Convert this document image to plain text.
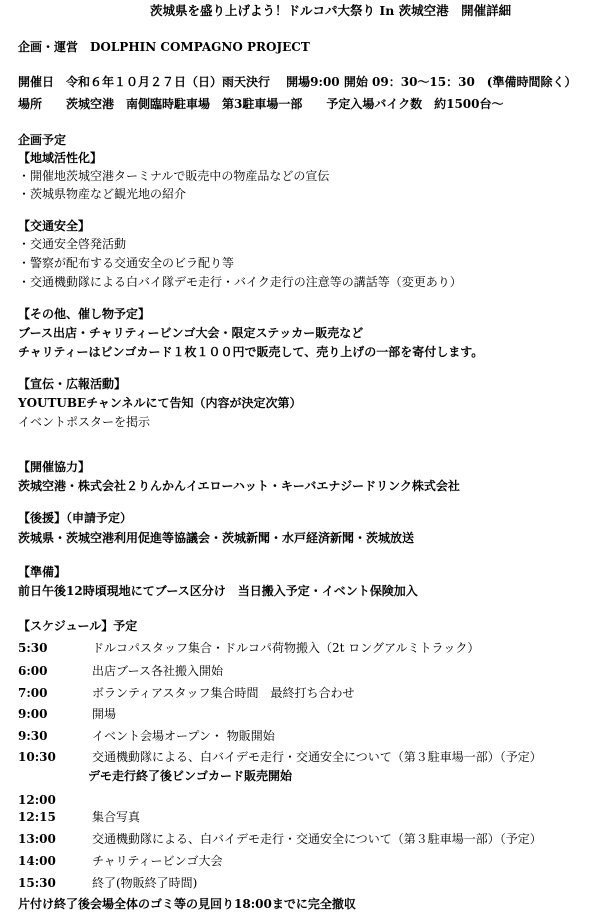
茨城県を盛り上げよう！ドルコパ大祭り In 茨城空港　開催詳細
企画・運営　DOLPHIN COMPAGNO PROJECT
開催日　令和６年１０月２７日（日）雨天決行　 開場9:00 開始 09：30〜15：30　(準備時間除く）
場所　　茨城空港　南側臨時駐車場　第3駐車場一部　　予定入場バイク数　約1500台〜
企画予定
【地域活性化】
・開催地茨城空港ターミナルで販売中の物産品などの宣伝
・茨城県物産など観光地の紹介
【交通安全】
・交通安全啓発活動
・警察が配布する交通安全のビラ配り等
・交通機動隊による白バイ隊デモ走行・バイク走行の注意等の講話等（変更あり）
【その他、催し物予定】
ブース出店・チャリティービンゴ大会・限定ステッカー販売など
チャリティーはビンゴカード１枚１００円で販売して、売り上げの一部を寄付します。
【宣伝・広報活動】
YOUTUBEチャンネルにて告知（内容が決定次第）
イベントポスターを掲示
【開催協力】
茨城空港・株式会社２りんかんイエローハット・キーバエナジードリンク株式会社
【後援】（申請予定）
茨城県・茨城空港利用促進等協議会・茨城新聞・水戸経済新聞・茨城放送
【準備】
前日午後12時頃現地にてブース区分け　当日搬入予定・イベント保険加入
【スケジュール】予定
5:30	ドルコパスタッフ集合・ドルコパ荷物搬入（2t ロングアルミトラック）
6:00	出店ブース各社搬入開始
7:00	ボランティアスタッフ集合時間　最終打ち合わせ
9:00	開場
9:30	イベント会場オープン・ 物販開始
10:30	交通機動隊による、白バイデモ走行・交通安全について（第３駐車場一部）（予定）
デモ走行終了後ビンゴカード販売開始
12:00
12:15	集合写真
13:00	交通機動隊による、白バイデモ走行・交通安全について（第３駐車場一部）（予定）
14:00	チャリティービンゴ大会
15:30	終了(物販終了時間)
片付け終了後会場全体のゴミ等の見回り18:00までに完全撤収
